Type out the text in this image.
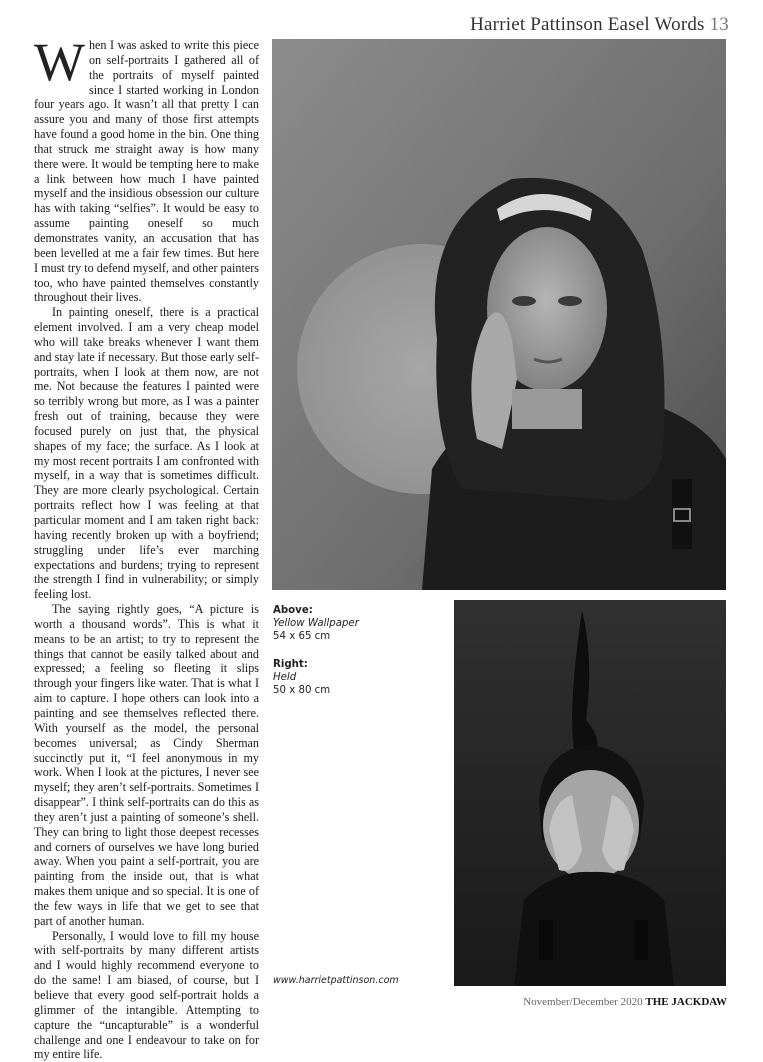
Harriet Pattinson Easel Words 13

When I was asked to write this piece on self-portraits I gathered all of the portraits of myself painted since I started working in London four years ago. It wasn’t all that pretty I can assure you and many of those first attempts have found a good home in the bin. One thing that struck me straight away is how many there were. It would be tempting here to make a link between how much I have painted myself and the insidious obsession our culture has with taking “selfies”. It would be easy to assume painting oneself so much demonstrates vanity, an accusation that has been levelled at me a fair few times. But here I must try to defend myself, and other painters too, who have painted themselves constantly throughout their lives.

In painting oneself, there is a practical element involved. I am a very cheap model who will take breaks whenever I want them and stay late if necessary. But those early self-portraits, when I look at them now, are not me. Not because the features I painted were so terribly wrong but more, as I was a painter fresh out of training, because they were focused purely on just that, the physical shapes of my face; the surface. As I look at my most recent portraits I am confronted with myself, in a way that is sometimes difficult. They are more clearly psychological. Certain portraits reflect how I was feeling at that particular moment and I am taken right back: having recently broken up with a boyfriend; struggling under life’s ever marching expectations and burdens; trying to represent the strength I find in vulnerability; or simply feeling lost.

The saying rightly goes, “A picture is worth a thousand words”. This is what it means to be an artist; to try to represent the things that cannot be easily talked about and expressed; a feeling so fleeting it slips through your fingers like water. That is what I aim to capture. I hope others can look into a painting and see themselves reflected there. With yourself as the model, the personal becomes universal; as Cindy Sherman succinctly put it, “I feel anonymous in my work. When I look at the pictures, I never see myself; they aren’t self-portraits. Sometimes I disappear”. I think self-portraits can do this as they aren’t just a painting of someone’s shell. They can bring to light those deepest recesses and corners of ourselves we have long buried away. When you paint a self-portrait, you are painting from the inside out, that is what makes them unique and so special. It is one of the few ways in life that we get to see that part of another human.

Personally, I would love to fill my house with self-portraits by many different artists and I would highly recommend everyone to do the same! I am biased, of course, but I believe that every good self-portrait holds a glimmer of the intangible. Attempting to capture the “uncapturable” is a wonderful challenge and one I endeavour to take on for my entire life.

Above:
Yellow Wallpaper
54 x 65 cm
Right:
Held
50 x 80 cm
www.harrietpattinson.com
November/December 2020 THE JACKDAW
